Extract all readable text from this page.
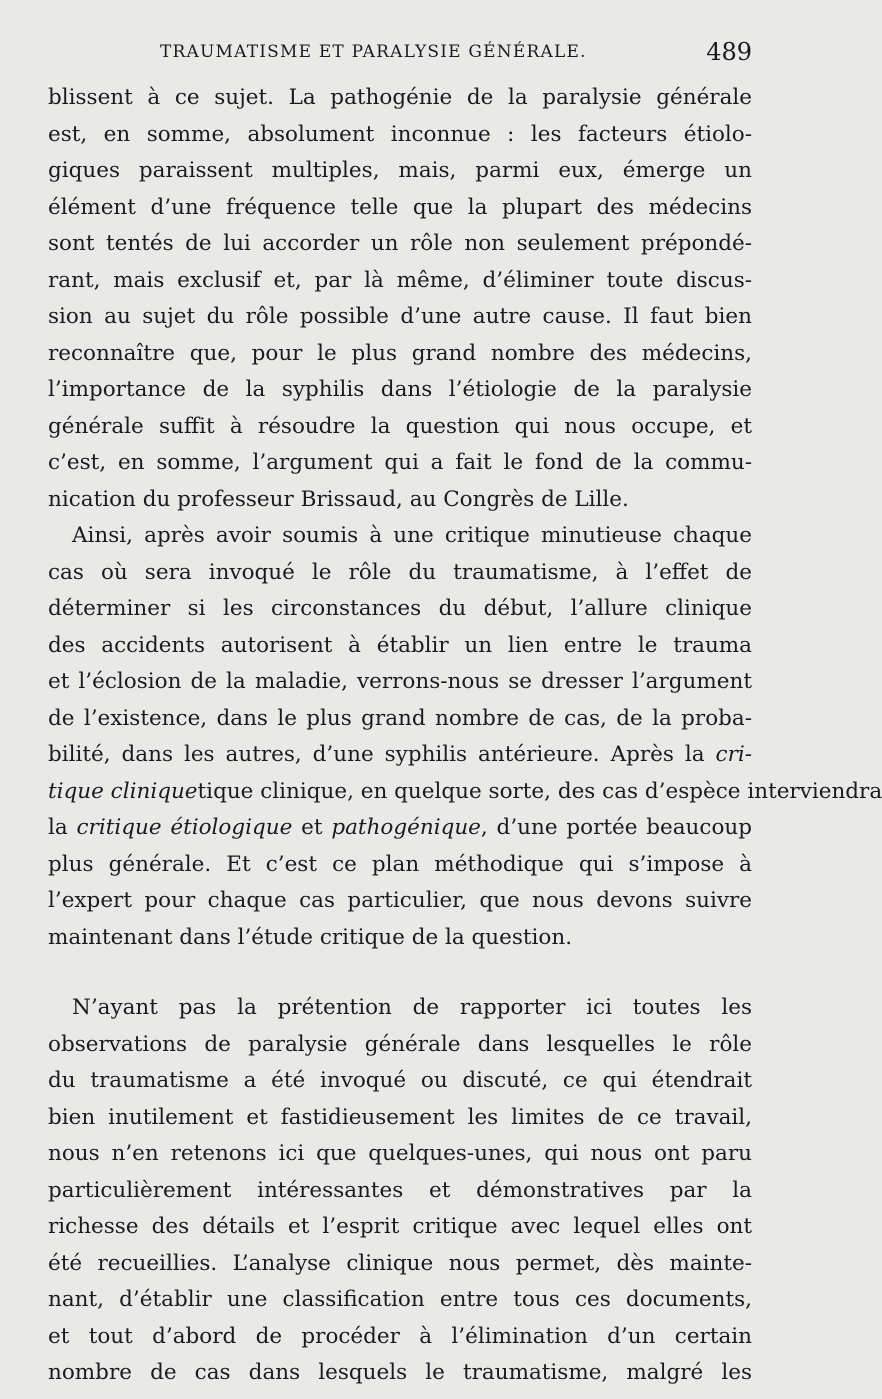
TRAUMATISME ET PARALYSIE GÉNÉRALE.	489
blissent à ce sujet. La pathogénie de la paralysie générale
est, en somme, absolument inconnue : les facteurs étiolo-
giques paraissent multiples, mais, parmi eux, émerge un
élément d’une fréquence telle que la plupart des médecins
sont tentés de lui accorder un rôle non seulement prépondé-
rant, mais exclusif et, par là même, d’éliminer toute discus-
sion au sujet du rôle possible d’une autre cause. Il faut bien
reconnaître que, pour le plus grand nombre des médecins,
l’importance de la syphilis dans l’étiologie de la paralysie
générale suffit à résoudre la question qui nous occupe, et
c’est, en somme, l’argument qui a fait le fond de la commu-
nication du professeur Brissaud, au Congrès de Lille.
Ainsi, après avoir soumis à une critique minutieuse chaque
cas où sera invoqué le rôle du traumatisme, à l’effet de
déterminer si les circonstances du début, l’allure clinique
des accidents autorisent à établir un lien entre le trauma
et l’éclosion de la maladie, verrons-nous se dresser l’argument
de l’existence, dans le plus grand nombre de cas, de la proba-
bilité, dans les autres, d’une syphilis antérieure. Après la cri-
tique cliniquetique clinique, en quelque sorte, des cas d’espèce interviendra
la critique étiologique et pathogénique, d’une portée beaucoup
plus générale. Et c’est ce plan méthodique qui s’impose à
l’expert pour chaque cas particulier, que nous devons suivre
maintenant dans l’étude critique de la question.
N’ayant pas la prétention de rapporter ici toutes les
observations de paralysie générale dans lesquelles le rôle
du traumatisme a été invoqué ou discuté, ce qui étendrait
bien inutilement et fastidieusement les limites de ce travail,
nous n’en retenons ici que quelques-unes, qui nous ont paru
particulièrement intéressantes et démonstratives par la
richesse des détails et l’esprit critique avec lequel elles ont
été recueillies. L’analyse clinique nous permet, dès mainte-
nant, d’établir une classification entre tous ces documents,
et tout d’abord de procéder à l’élimination d’un certain
nombre de cas dans lesquels le traumatisme, malgré les
